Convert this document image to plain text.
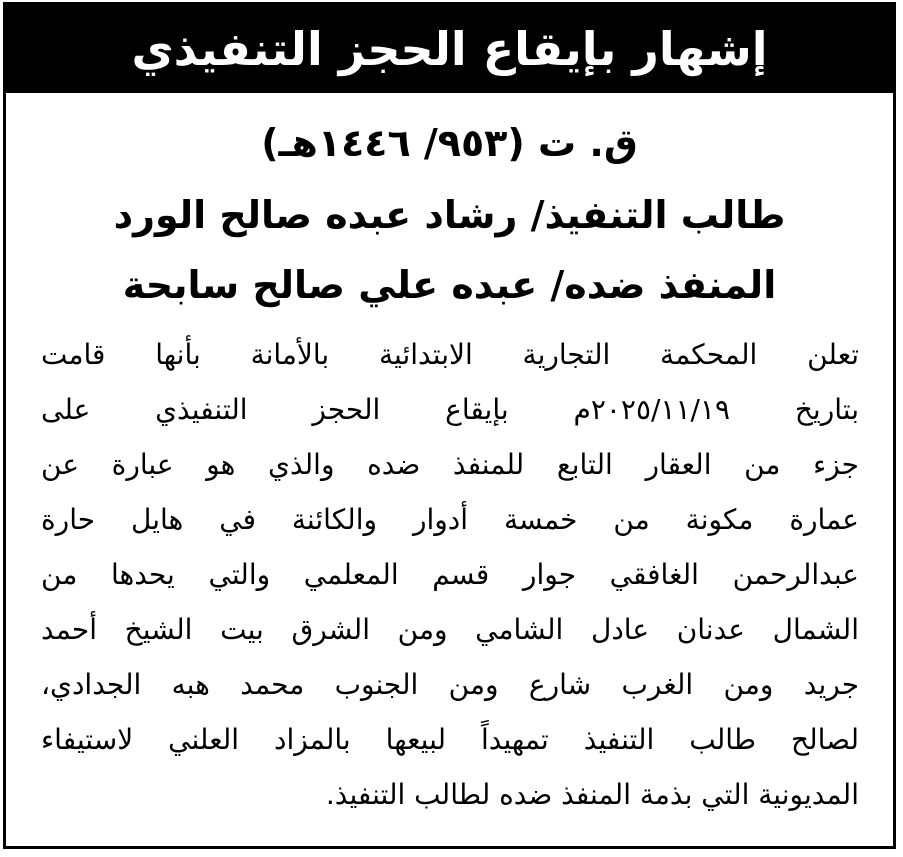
إشهار بإيقاع الحجز التنفيذي
ق. ت (٩٥٣/ ١٤٤٦هـ)
طالب التنفيذ/ رشاد عبده صالح الورد
المنفذ ضده/ عبده علي صالح سابحة
تعلن المحكمة التجارية الابتدائية بالأمانة بأنها قامت
بتاريخ ٢٠٢٥/١١/١٩م بإيقاع الحجز التنفيذي على
جزء من العقار التابع للمنفذ ضده والذي هو عبارة عن
عمارة مكونة من خمسة أدوار والكائنة في هايل حارة
عبدالرحمن الغافقي جوار قسم المعلمي والتي يحدها من
الشمال عدنان عادل الشامي ومن الشرق بيت الشيخ أحمد
جريد ومن الغرب شارع ومن الجنوب محمد هبه الجدادي،
لصالح طالب التنفيذ تمهيداً لبيعها بالمزاد العلني لاستيفاء
المديونية التي بذمة المنفذ ضده لطالب التنفيذ.
